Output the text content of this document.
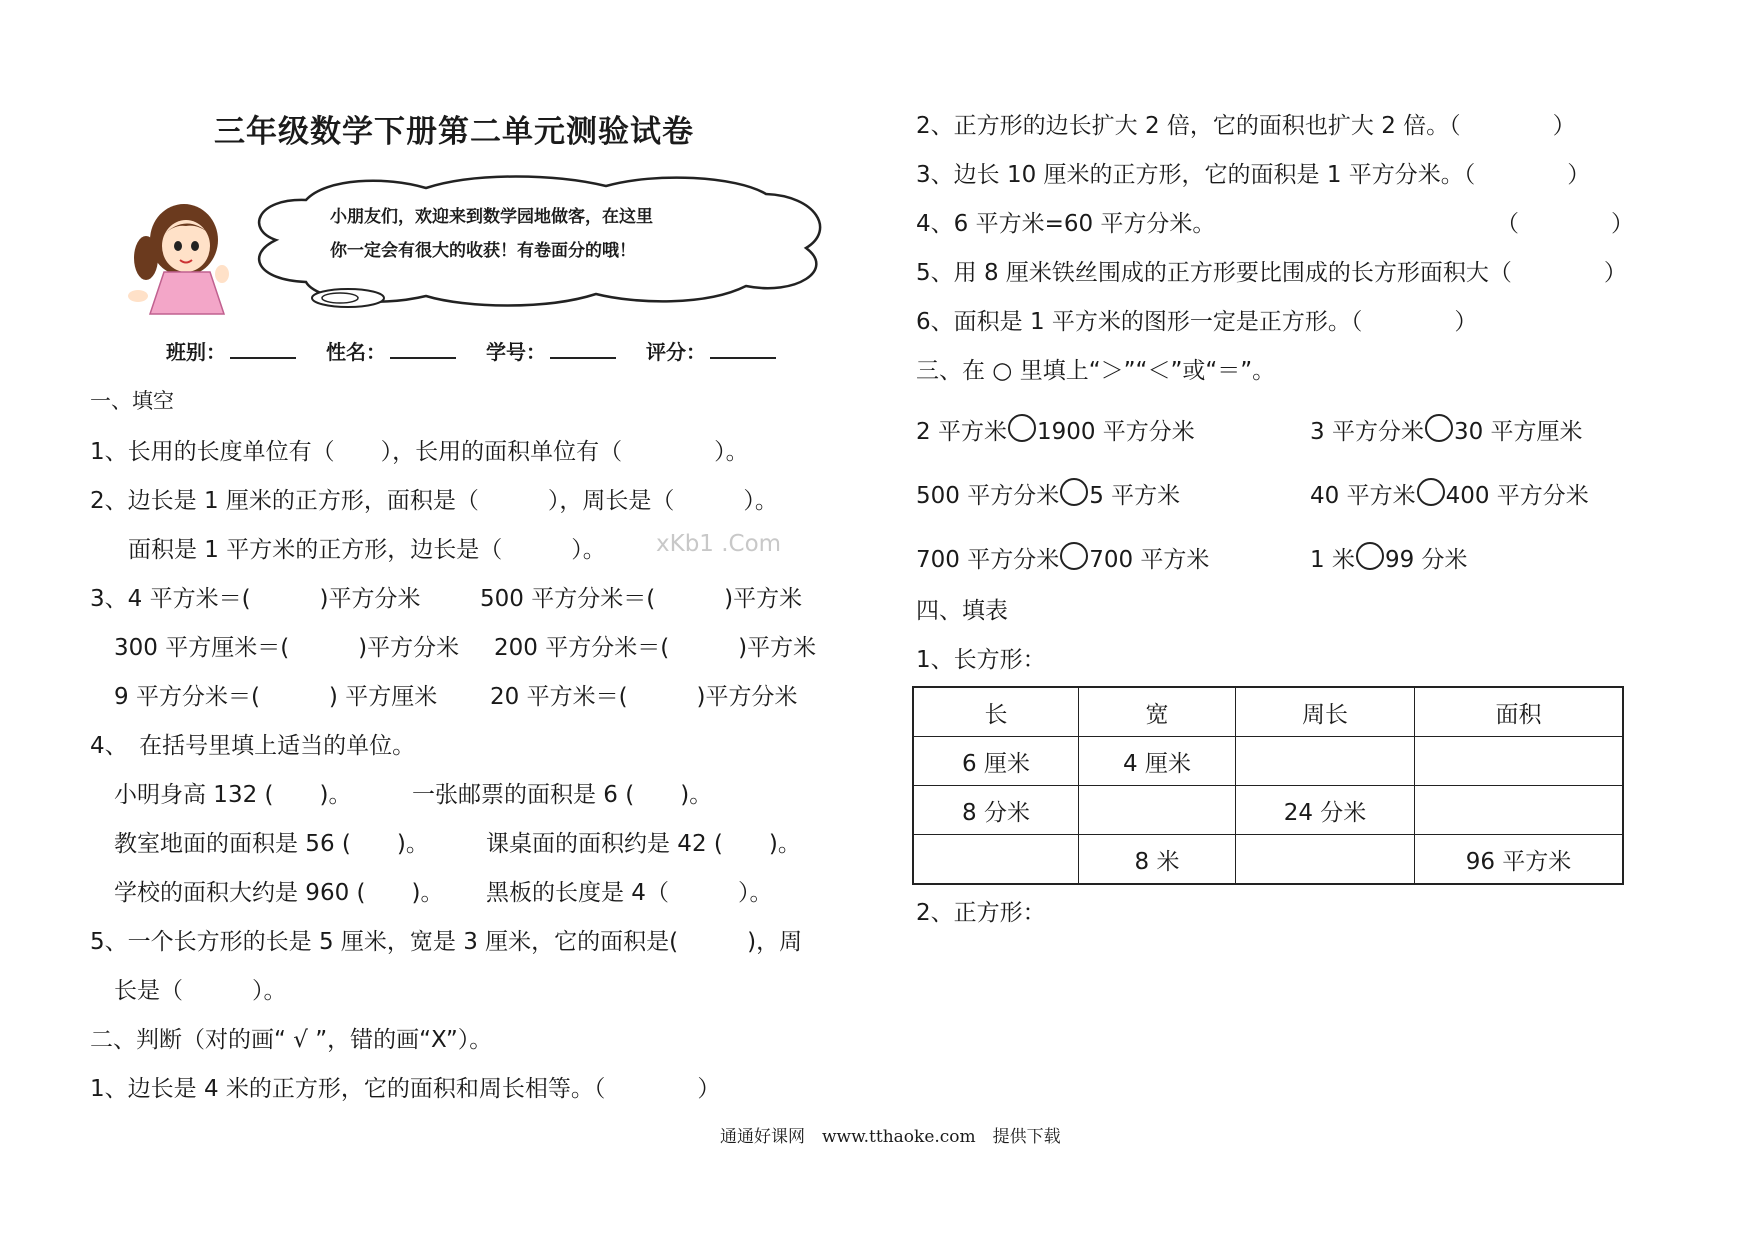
三年级数学下册第二单元测验试卷
小朋友们，欢迎来到数学园地做客，在这里
你一定会有很大的收获！有卷面分的哦！
班别：	性名：	学号：	评分：
一、填空
1、长用的长度单位有（　　），长用的面积单位有（　　　　）。
2、边长是 1 厘米的正方形，面积是（　　　），周长是（　　　）。
面积是 1 平方米的正方形，边长是（　　　）。 xKb1 .Com
3、4 平方米＝(　　　)平方分米	500 平方分米＝(　　　)平方米
300 平方厘米＝(　　　)平方分米 200 平方分米＝(　　　)平方米
9 平方分米＝(　　　) 平方厘米 20 平方米＝(　　　)平方分米
4、　在括号里填上适当的单位。
小明身高 132 (　　)。	一张邮票的面积是 6 (　　)。
教室地面的面积是 56 (　　)。 课桌面的面积约是 42 (　　)。
学校的面积大约是 960 (　　)。 黑板的长度是 4（　　　）。
5、一个长方形的长是 5 厘米，宽是 3 厘米，它的面积是(　　　)，周
长是（　　　）。
二、判断（对的画“ √ ”，错的画“X”）。
1、边长是 4 米的正方形，它的面积和周长相等。（　　　　）
2、正方形的边长扩大 2 倍，它的面积也扩大 2 倍。（　　　　）
3、边长 10 厘米的正方形，它的面积是 1 平方分米。（　　　　）
4、6 平方米=60 平方分米。	（　　　　）
5、用 8 厘米铁丝围成的正方形要比围成的长方形面积大（　　　　）
6、面积是 1 平方米的图形一定是正方形。（　　　　）
三、在 ○ 里填上“＞”“＜”或“＝”。
2 平方米 1900 平方分米	3 平方分米 30 平方厘米
500 平方分米 5 平方米	40 平方米 400 平方分米
700 平方分米 700 平方米	1 米 99 分米
四、填表
1、长方形：
长	宽	周长	面积
6 厘米	4 厘米		
8 分米		24 分米	
	8 米		96 平方米
2、正方形：
通通好课网　www.tthaoke.com　提供下载
